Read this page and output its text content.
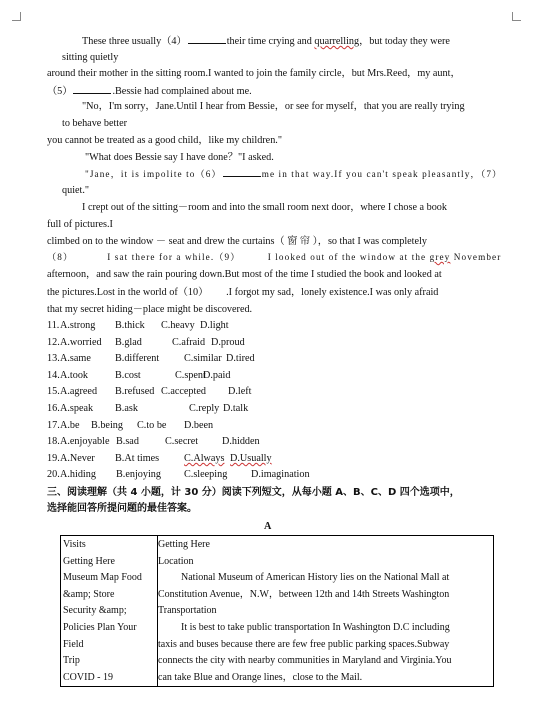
These three usually（4）	their time crying and quarrelling，but today they were
sitting quietly
around their mother in the sitting room.I wanted to join the family circle，but Mrs.Reed，my aunt，
（5）	.Bessie had complained about me.
"No，I'm sorry，Jane.Until I hear from Bessie，or see for myself，that you are really trying
to behave better
you cannot be treated as a good child，like my children."
"What does Bessie say I have done？"I asked.
"Jane，it is impolite to（6）	me in that way.If you can't speak pleasantly，（7）
quiet."
I crept out of the sitting－room and into the small room next door，where I chose a book
full of pictures.I
climbed on to the window － seat and drew the curtains（ 窗 帘 ），so that I was completely
（8）	I sat there for a while.（9）	I looked out of the window at the grey November
afternoon，and saw the rain pouring down.But most of the time I studied the book and looked at
the pictures.Lost in the world of（10） .I forgot my sad，lonely existence.I was only afraid
that my secret hiding－place might be discovered.
11. A.strong B.thick C.heavy D.light
12. A.worried B.glad	C.afraid D.proud
13. A.same B.different C.similar D.tired
14. A.took	B.cost	C.spent
D.paid
15. A.agreed B.refused C.accepted D.left
16. A.speak B.ask	C.reply D.talk
17. A.be B.being C.to be D.been
18. A.enjoyable B.sad	C.secret D.hidden
19. A.Never B.At times C.Always D.Usually
20. A.hiding B.enjoying C.sleeping D.imagination
三、阅读理解（共 4 小题，计 30 分）阅读下列短文，从每小题 A、B、C、D 四个选项中，
选择能回答所提问题的最佳答案。
A
Visits
Getting Here
Museum Map Food
&amp; Store
Security &amp;
Policies Plan Your
Field
Trip
COVID - 19
Getting Here
Location
National Museum of American History lies on the National Mall at
Constitution Avenue，N.W，between 12th and 14th Streets Washington
Transportation
It is best to take public transportation In Washington D.C including
taxis and buses because there are few free public parking spaces.Subway
connects the city with nearby communities in Maryland and Virginia.You
can take Blue and Orange lines，close to the Mail.
